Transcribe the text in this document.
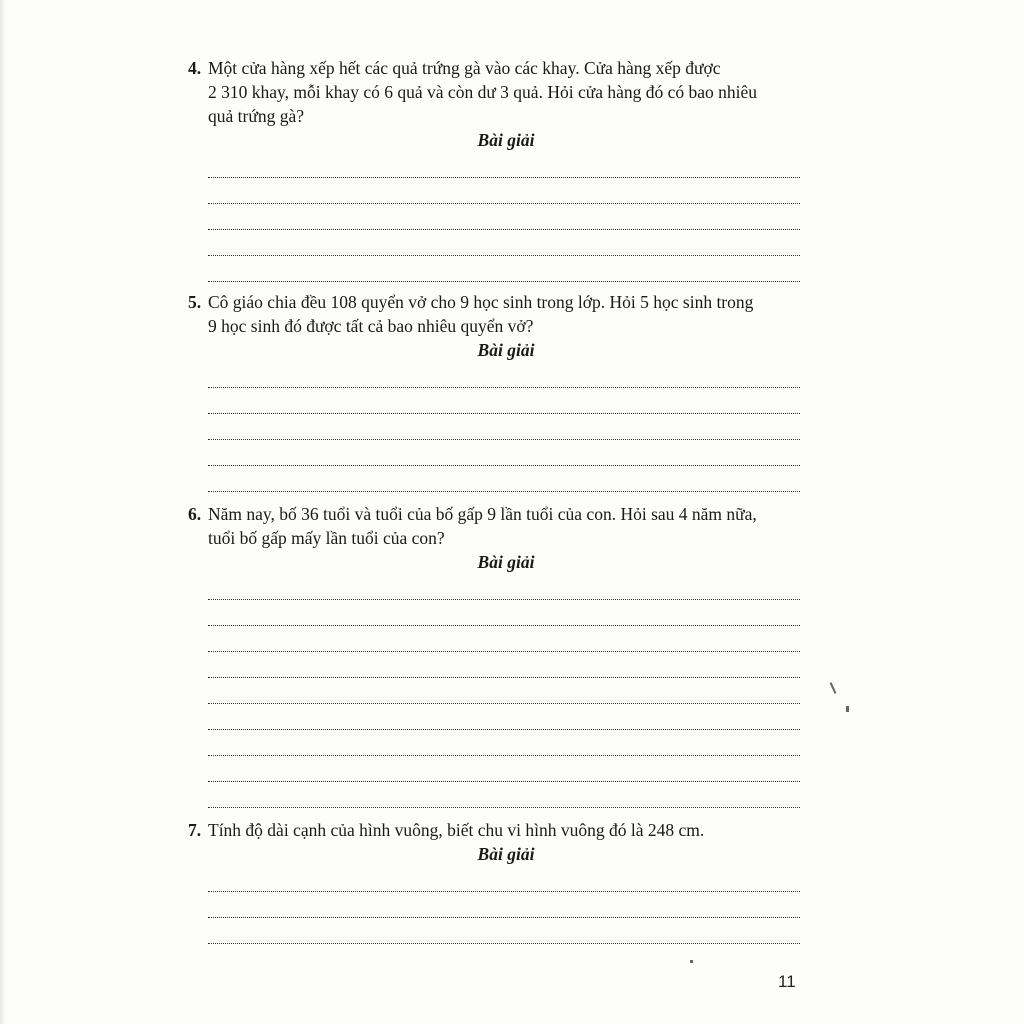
4. Một cửa hàng xếp hết các quả trứng gà vào các khay. Cửa hàng xếp được
2 310 khay, mỗi khay có 6 quả và còn dư 3 quả. Hỏi cửa hàng đó có bao nhiêu
quả trứng gà?

Bài giải

5. Cô giáo chia đều 108 quyển vở cho 9 học sinh trong lớp. Hỏi 5 học sinh trong
9 học sinh đó được tất cả bao nhiêu quyển vở?

Bài giải

6. Năm nay, bố 36 tuổi và tuổi của bố gấp 9 lần tuổi của con. Hỏi sau 4 năm nữa,
tuổi bố gấp mấy lần tuổi của con?

Bài giải

7. Tính độ dài cạnh của hình vuông, biết chu vi hình vuông đó là 248 cm.

Bài giải

11
